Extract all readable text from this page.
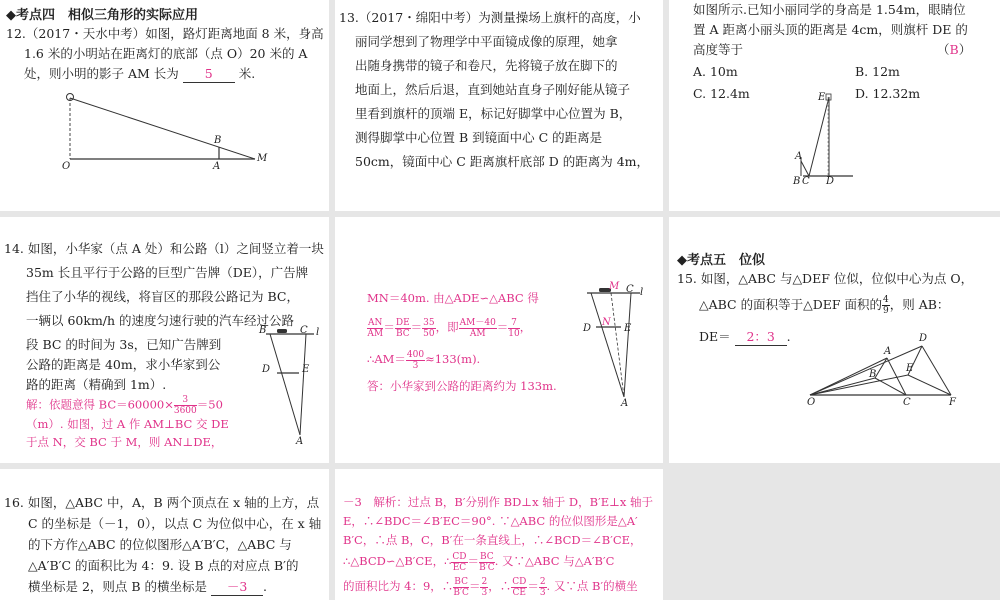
◆考点四　相似三角形的实际应用
12.（2017・天水中考）如图，路灯距离地面 8 米，身高
1.6 米的小明站在距离灯的底部（点 O）20 米的 A
处，则小明的影子 AM 长为 5 米.
O	A
B
M
13.（2017・绵阳中考）为测量操场上旗杆的高度，小
丽同学想到了物理学中平面镜成像的原理，她拿
出随身携带的镜子和卷尺，先将镜子放在脚下的
地面上，然后后退，直到她站直身子刚好能从镜子
里看到旗杆的顶端 E，标记好脚掌中心位置为 B，
测得脚掌中心位置 B 到镜面中心 C 的距离是
50cm，镜面中心 C 距离旗杆底部 D 的距离为 4m，
如图所示.已知小丽同学的身高是 1.54m，眼睛位
置 A 距离小丽头顶的距离是 4cm，则旗杆 DE 的
高度等于	（B）
A. 10m	B. 12m
C. 12.4m	D. 12.32m
E
A
B C D
14. 如图，小华家（点 A 处）和公路（l）之间竖立着一块
35m 长且平行于公路的巨型广告牌（DE），广告牌
挡住了小华的视线，将盲区的那段公路记为 BC，
一辆以 60km/h 的速度匀速行驶的汽车经过公路
段 BC 的时间为 3s，已知广告牌到
公路的距离是 40m，求小华家到公
路的距离（精确到 1m）.
解：依题意得 $BC=60000\times \frac{3}{3600} =50$
（m）. 如图，过 A 作 AM⊥BC 交 DE
于点 N，交 BC 于 M，则 AN⊥DE，
B	C l
D	E
A
MN＝40m. 由△ADE∽△ABC 得
$\frac{AN}{AM} = \frac{DE}{BC} = \frac{35}{50}$ ，即 $\frac{AM-40}{AM} = \frac{7}{10}$ ，
∴AM＝ $\frac{400}{3} \approx 133(m)$.
答：小华家到公路的距离约为 133m.
M C l
D
N
E
A
◆考点五　位似
15. 如图，△ABC 与△DEF 位似，位似中心为点 O，
△ABC 的面积等于△DEF 面积的 $\frac{4}{9}$ ，则 AB：
DE＝ 2：3 .	D
A
E
B
O	C	F
16. 如图，△ABC 中，A，B 两个顶点在 x 轴的上方，点
C 的坐标是（－1，0），以点 C 为位似中心，在 x 轴
的下方作△ABC 的位似图形△A′B′C，△ABC 与
△A′B′C 的面积比为 4：9. 设 B 点的对应点 B′的
横坐标是 2，则点 B 的横坐标是 －3 .
－3　解析：过点 B，B′分别作 BD⊥x 轴于 D，B′E⊥x 轴于
E，∴∠BDC＝∠B′EC＝90°. ∵△ABC 的位似图形是△A′
B′C，∴点 B，C，B′在一条直线上，∴∠BCD＝∠B′CE，
∴△BCD∽△B′CE，∴ $\frac{CD}{EC} = \frac{BC}{B'C}$ . 又∵△ABC 与△A′B′C
的面积比为 4：9，∴ $\frac{BC}{B'C} = \frac{2}{3}$ ，∴ $\frac{CD}{CE} = \frac{2}{3}$ . 又∵点 B′的横坐
